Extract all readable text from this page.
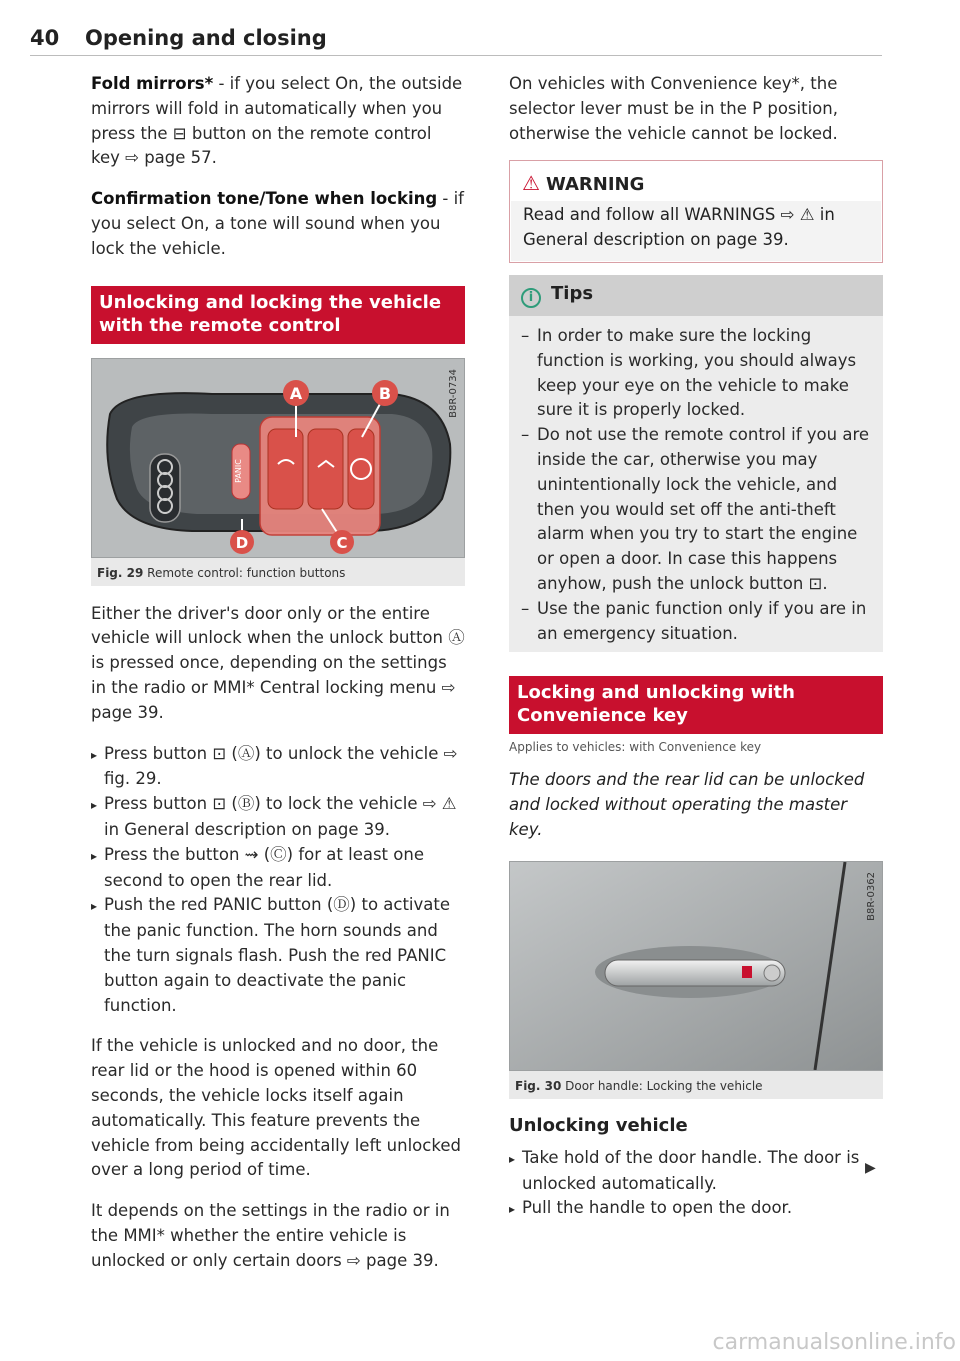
40 Opening and closing

Fold mirrors* - if you select On, the outside mirrors will fold in automatically when you press the ⊟ button on the remote control key ⇨ page 57.

Confirmation tone/Tone when locking - if you select On, a tone will sound when you lock the vehicle.

Unlocking and locking the vehicle with the remote control
PANIC
A	B
C
D
B8R-0734
Fig. 29 Remote control: function buttons

Either the driver's door only or the entire vehicle will unlock when the unlock button Ⓐ is pressed once, depending on the settings in the radio or MMI* Central locking menu ⇨ page 39.

▸ Press button ⊡ (Ⓐ) to unlock the vehicle ⇨ fig. 29.
▸ Press button ⊡ (Ⓑ) to lock the vehicle ⇨ ⚠ in General description on page 39.
▸ Press the button ⇝ (Ⓒ) for at least one second to open the rear lid.
▸ Push the red PANIC button (Ⓓ) to activate the panic function. The horn sounds and the turn signals flash. Push the red PANIC button again to deactivate the panic function.

If the vehicle is unlocked and no door, the rear lid or the hood is opened within 60 seconds, the vehicle locks itself again automatically. This feature prevents the vehicle from being accidentally left unlocked over a long period of time.

It depends on the settings in the radio or in the MMI* whether the entire vehicle is unlocked or only certain doors ⇨ page 39.

On vehicles with Convenience key*, the selector lever must be in the P position, otherwise the vehicle cannot be locked.

⚠ WARNING
Read and follow all WARNINGS ⇨ ⚠ in General description on page 39.
i Tips
– In order to make sure the locking function is working, you should always keep your eye on the vehicle to make sure it is properly locked.
– Do not use the remote control if you are inside the car, otherwise you may unintentionally lock the vehicle, and then you would set off the anti-theft alarm when you try to start the engine or open a door. In case this happens anyhow, push the unlock button ⊡.
– Use the panic function only if you are in an emergency situation.
Locking and unlocking with Convenience key
Applies to vehicles: with Convenience key

The doors and the rear lid can be unlocked and locked without operating the master key.

B8R-0362
Fig. 30 Door handle: Locking the vehicle
Unlocking vehicle
▸ Take hold of the door handle. The door is unlocked automatically.
▸ Pull the handle to open the door.
▶
carmanualsonline.info
